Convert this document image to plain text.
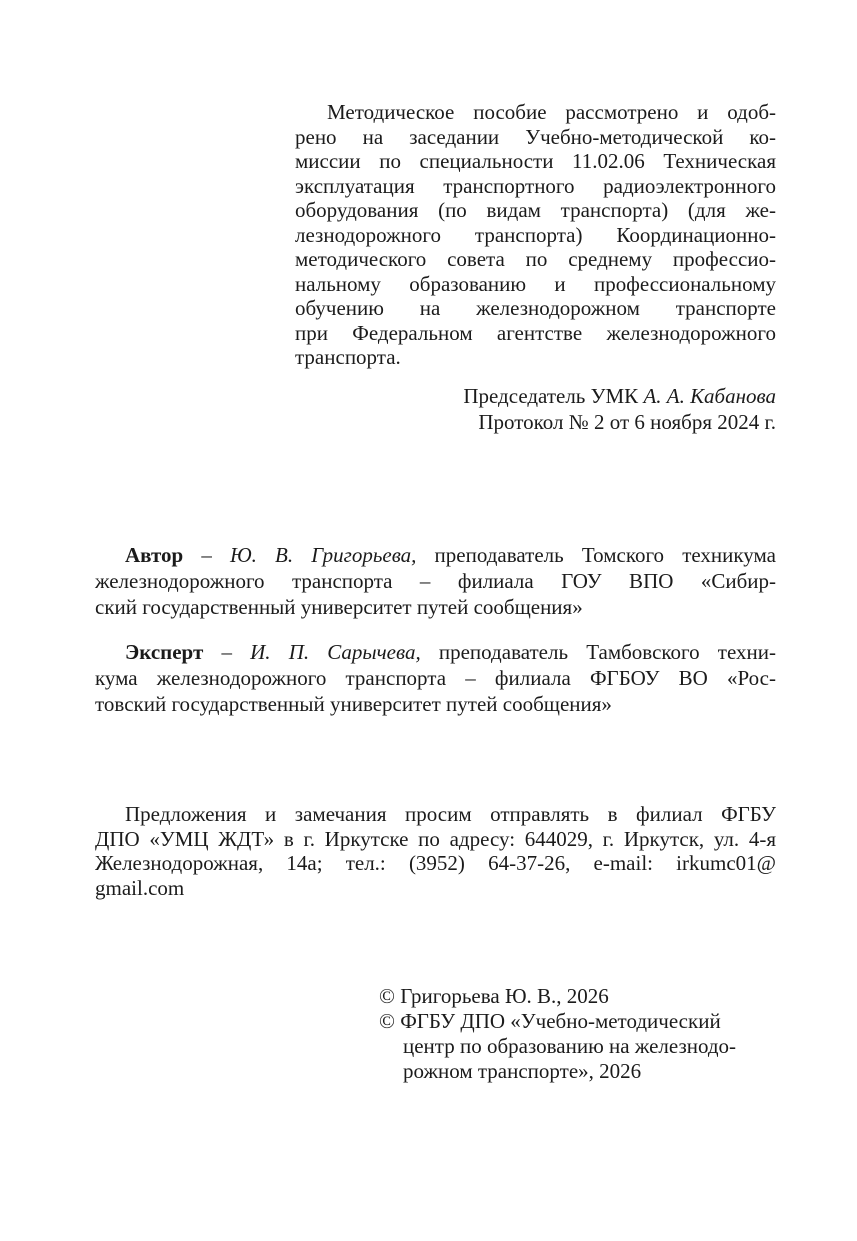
Методическое пособие рассмотрено и одоб-
рено на заседании Учебно-методической ко-
миссии по специальности 11.02.06 Техническая
эксплуатация транспортного радиоэлектронного
оборудования (по видам транспорта) (для же-
лезнодорожного транспорта) Координационно-
методического совета по среднему профессио-
нальному образованию и профессиональному
обучению на железнодорожном транспорте
при Федеральном агентстве железнодорожного
транспорта.
Председатель УМК А. А. Кабанова
Протокол № 2 от 6 ноября 2024 г.
Автор – Ю. В. Григорьева, преподаватель Томского техникума
железнодорожного транспорта – филиала ГОУ ВПО «Сибир-
ский государственный университет путей сообщения»
Эксперт – И. П. Сарычева, преподаватель Тамбовского техни-
кума железнодорожного транспорта – филиала ФГБОУ ВО «Рос-
товский государственный университет путей сообщения»
Предложения и замечания просим отправлять в филиал ФГБУ
ДПО «УМЦ ЖДТ» в г. Иркутске по адресу: 644029, г. Иркутск, ул. 4-я
Железнодорожная, 14а; тел.: (3952) 64-37-26, e-mail: irkumc01@
gmail.com
© Григорьева Ю. В., 2026
© ФГБУ ДПО «Учебно-методический
центр по образованию на железнодо-
рожном транспорте», 2026
